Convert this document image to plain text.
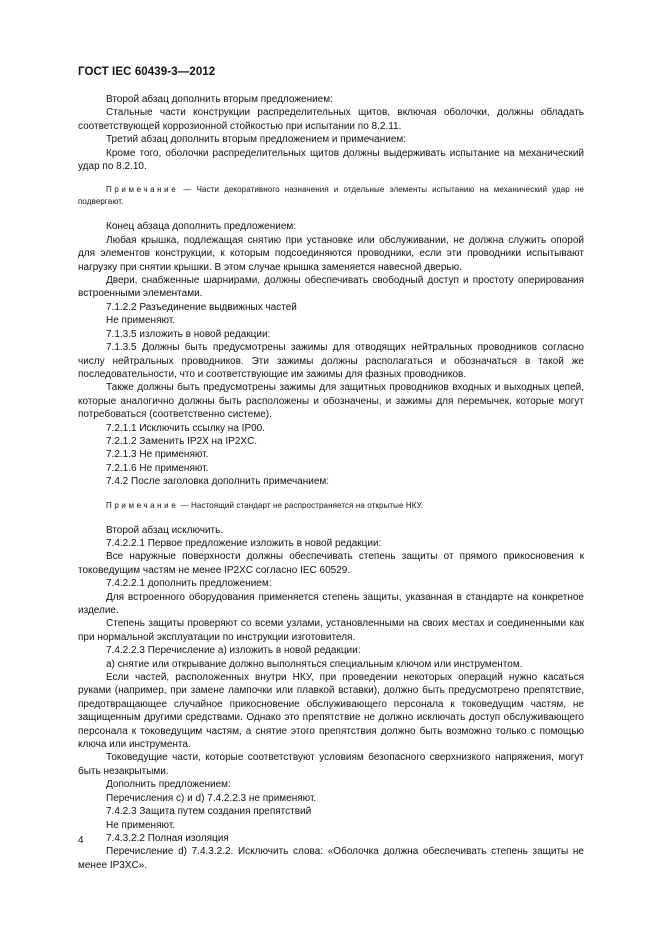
ГОСТ IEC 60439-3—2012

Второй абзац дополнить вторым предложением:

Стальные части конструкции распределительных щитов, включая оболочки, должны обладать соответствующей коррозионной стойкостью при испытании по 8.2.11.

Третий абзац дополнить вторым предложением и примечанием:

Кроме того, оболочки распределительных щитов должны выдерживать испытание на механический удар по 8.2.10.

Примечание — Части декоративного назначения и отдельные элементы испытанию на механический удар не подвергают.

Конец абзаца дополнить предложением:

Любая крышка, подлежащая снятию при установке или обслуживании, не должна служить опорой для элементов конструкции, к которым подсоединяются проводники, если эти проводники испытывают нагрузку при снятии крышки. В этом случае крышка заменяется навесной дверью.

Двери, снабженные шарнирами, должны обеспечивать свободный доступ и простоту оперирования встроенными элементами.

7.1.2.2 Разъединение выдвижных частей

Не применяют.

7.1.3.5 изложить в новой редакции:

7.1.3.5 Должны быть предусмотрены зажимы для отводящих нейтральных проводников согласно числу нейтральных проводников. Эти зажимы должны располагаться и обозначаться в такой же последовательности, что и соответствующие им зажимы для фазных проводников.

Также должны быть предусмотрены зажимы для защитных проводников входных и выходных цепей, которые аналогично должны быть расположены и обозначены, и зажимы для перемычек, которые могут потребоваться (соответственно системе).

7.2.1.1 Исключить ссылку на IP00.

7.2.1.2 Заменить IP2X на IP2XC.

7.2.1.3 Не применяют.

7.2.1.6 Не применяют.

7.4.2 После заголовка дополнить примечанием:

Примечание — Настоящий стандарт не распространяется на открытые НКУ.

Второй абзац исключить.

7.4.2.2.1 Первое предложение изложить в новой редакции:

Все наружные поверхности должны обеспечивать степень защиты от прямого прикосновения к токоведущим частям не менее IP2XC согласно IEC 60529.

7.4.2.2.1 дополнить предложением:

Для встроенного оборудования применяется степень защиты, указанная в стандарте на конкретное изделие.

Степень защиты проверяют со всеми узлами, установленными на своих местах и соединенными как при нормальной эксплуатации по инструкции изготовителя.

7.4.2.2.3 Перечисление а) изложить в новой редакции:

а) снятие или открывание должно выполняться специальным ключом или инструментом.

Если частей, расположенных внутри НКУ, при проведении некоторых операций нужно касаться руками (например, при замене лампочки или плавкой вставки), должно быть предусмотрено препятствие, предотвращающее случайное прикосновение обслуживающего персонала к токоведущим частям, не защищенным другими средствами. Однако это препятствие не должно исключать доступ обслуживающего персонала к токоведущим частям, а снятие этого препятствия должно быть возможно только с помощью ключа или инструмента.

Токоведущие части, которые соответствуют условиям безопасного сверхнизкого напряжения, могут быть незакрытыми.

Дополнить предложением:

Перечисления с) и d) 7.4.2.2.3 не применяют.

7.4.2.3 Защита путем создания препятствий

Не применяют.

7.4.3.2.2 Полная изоляция

Перечисление d) 7.4.3.2.2. Исключить слова: «Оболочка должна обеспечивать степень защиты не менее IP3XC».

4
